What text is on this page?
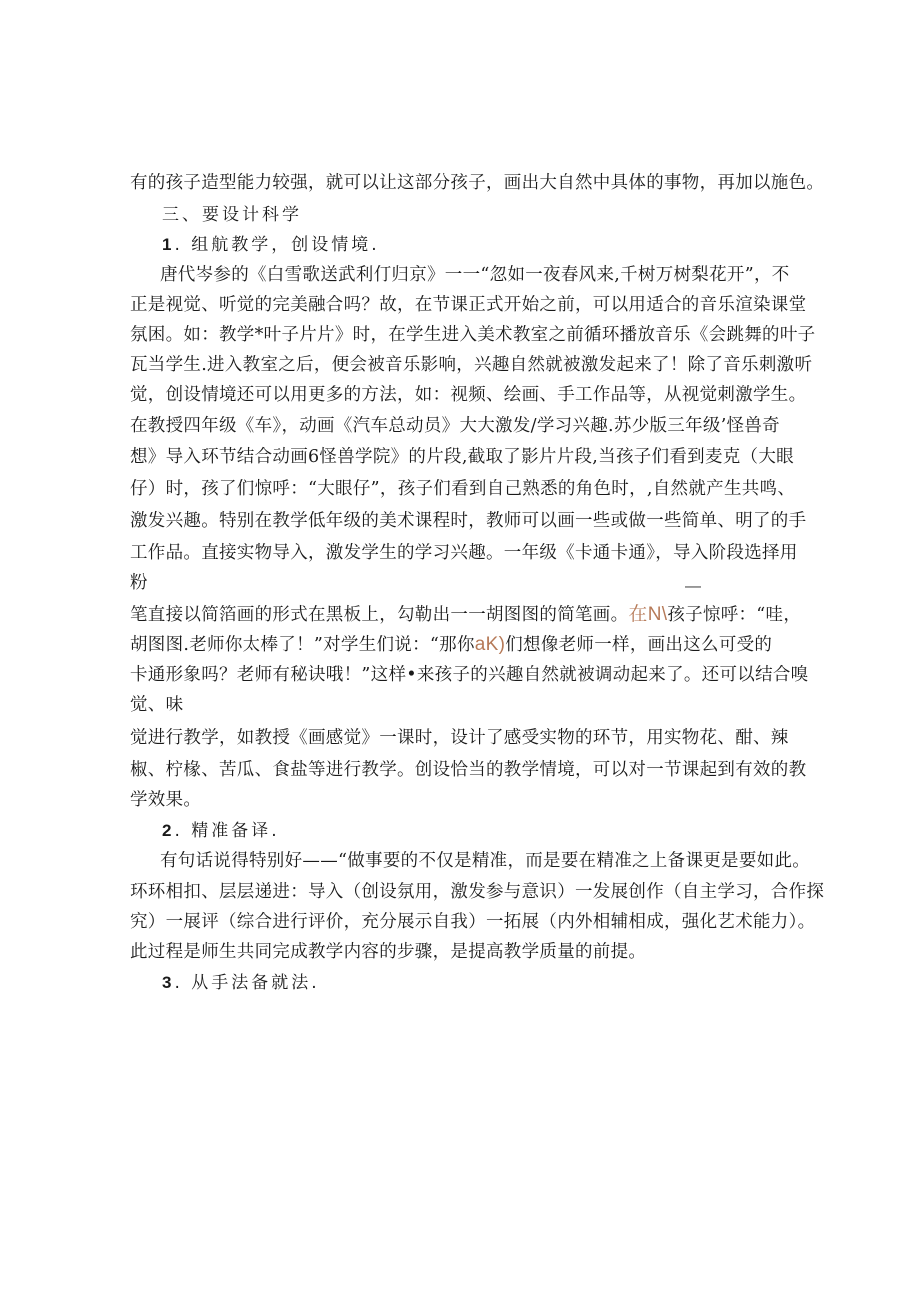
有的孩子造型能力较强，就可以让这部分孩子，画出大自然中具体的事物，再加以施色。
三、要设计科学
1. 组航教学，创设情境.
唐代岑参的《白雪歌送武利仃归京》一一“忽如一夜春风来,千树万树梨花开”，不
正是视觉、听觉的完美融合吗？故，在节课正式开始之前，可以用适合的音乐渲染课堂
氛困。如：教学*叶子片片》时，在学生进入美术教室之前循环播放音乐《会跳舞的叶子
瓦当学生.进入教室之后，便会被音乐影响，兴趣自然就被激发起来了！除了音乐刺激听
觉，创设情境还可以用更多的方法，如：视频、绘画、手工作品等，从视觉刺激学生。
在教授四年级《车》，动画《汽车总动员》大大激发/学习兴趣.苏少版三年级’怪兽奇
想》导入环节结合动画6怪兽学院》的片段,截取了影片片段,当孩子们看到麦克（大眼
仔）时，孩了们惊呼：“大眼仔”，孩子们看到自己熟悉的角色时，,自然就产生共鸣、
激发兴趣。特别在教学低年级的美术课程时，教师可以画一些或做一些简单、明了的手
工作品。直接实物导入，激发学生的学习兴趣。一年级《卡通卡通》，导入阶段选择用
粉	—
笔直接以简箔画的形式在黑板上，勾勒出一一胡图图的简笔画。在N\孩子惊呼：“哇，
胡图图.老师你太棒了！”对学生们说：“那你aK)们想像老师一样，画出这么可受的
卡通形象吗？老师有秘诀哦！”这样•来孩子的兴趣自然就被调动起来了。还可以结合嗅
觉、味
觉进行教学，如教授《画感觉》一课时，设计了感受实物的环节，用实物花、酣、辣
椒、柠椽、苦瓜、食盐等进行教学。创设恰当的教学情境，可以对一节课起到有效的教
学效果。
2. 精准备译.
有句话说得特别好——“做事要的不仅是精准，而是要在精准之上备课更是要如此。
环环相扣、层层递进：导入（创设氛用，激发参与意识）一发展创作（自主学习，合作探
究）一展评（综合进行评价，充分展示自我）一拓展（内外相辅相成，强化艺术能力）。
此过程是师生共同完成教学内容的步骤，是提高教学质量的前提。
3. 从手法备就法.
